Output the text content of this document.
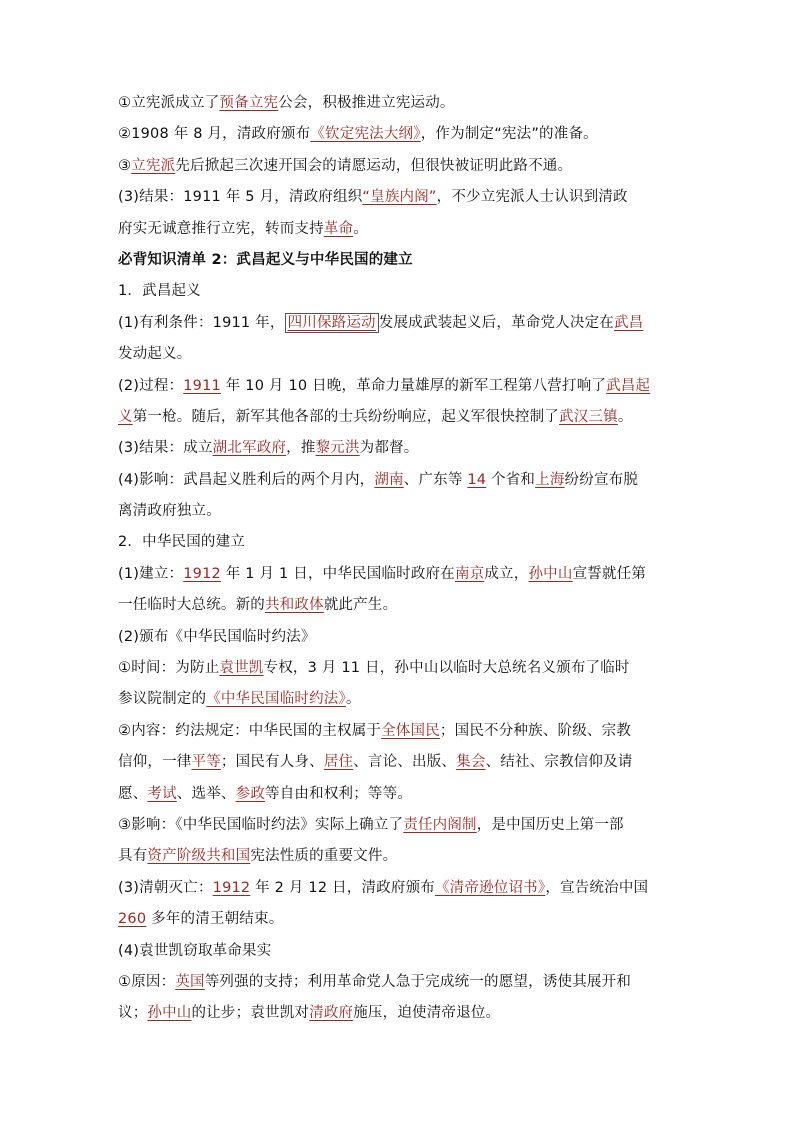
①立宪派成立了预备立宪公会，积极推进立宪运动。
②1908 年 8 月，清政府颁布《钦定宪法大纲》，作为制定“宪法”的准备。
③立宪派先后掀起三次速开国会的请愿运动，但很快被证明此路不通。
(3)结果：1911 年 5 月，清政府组织“皇族内阁”，不少立宪派人士认识到清政
府实无诚意推行立宪，转而支持革命。
必背知识清单 2：武昌起义与中华民国的建立
1．武昌起义
(1)有利条件：1911 年， 四川保路运动 发展成武装起义后，革命党人决定在武昌
发动起义。
(2)过程：1911 年 10 月 10 日晚，革命力量雄厚的新军工程第八营打响了武昌起
义第一枪。随后，新军其他各部的士兵纷纷响应，起义军很快控制了武汉三镇。
(3)结果：成立湖北军政府，推黎元洪为都督。
(4)影响：武昌起义胜利后的两个月内，湖南、广东等 14 个省和上海纷纷宣布脱
离清政府独立。
2．中华民国的建立
(1)建立：1912 年 1 月 1 日，中华民国临时政府在南京成立，孙中山宣誓就任第
一任临时大总统。新的共和政体就此产生。
(2)颁布《中华民国临时约法》
①时间：为防止袁世凯专权，3 月 11 日，孙中山以临时大总统名义颁布了临时
参议院制定的《中华民国临时约法》。
②内容：约法规定：中华民国的主权属于全体国民；国民不分种族、阶级、宗教
信仰，一律平等；国民有人身、居住、言论、出版、集会、结社、宗教信仰及请
愿、考试、选举、参政等自由和权利；等等。
③影响：《中华民国临时约法》实际上确立了责任内阁制，是中国历史上第一部
具有资产阶级共和国宪法性质的重要文件。
(3)清朝灭亡：1912 年 2 月 12 日，清政府颁布《清帝逊位诏书》，宣告统治中国
260 多年的清王朝结束。
(4)袁世凯窃取革命果实
①原因：英国等列强的支持；利用革命党人急于完成统一的愿望，诱使其展开和
议；孙中山的让步；袁世凯对清政府施压，迫使清帝退位。
